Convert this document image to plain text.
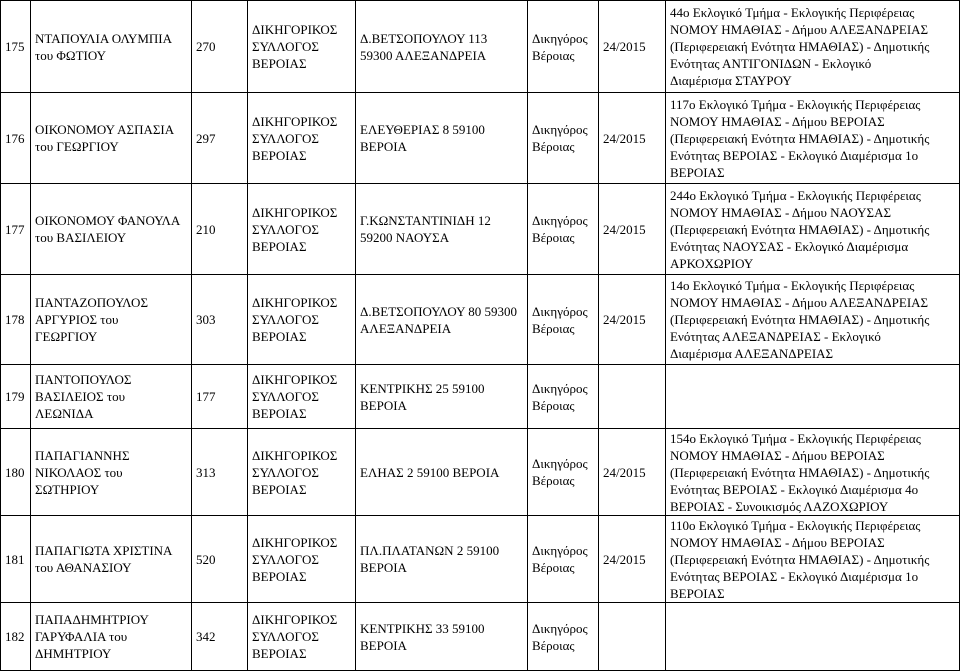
175	ΝΤΑΠΟΥΛΙΑ ΟΛΥΜΠΙΑ
του ΦΩΤΙΟΥ	270	ΔΙΚΗΓΟΡΙΚΟΣ
ΣΥΛΛΟΓΟΣ
ΒΕΡΟΙΑΣ	Δ.ΒΕΤΣΟΠΟΥΛΟΥ 113
59300 ΑΛΕΞΑΝΔΡΕΙΑ	Δικηγόρος
Βέροιας	24/2015	44ο Εκλογικό Τμήμα - Εκλογικής Περιφέρειας
ΝΟΜΟΥ ΗΜΑΘΙΑΣ - Δήμου ΑΛΕΞΑΝΔΡΕΙΑΣ
(Περιφερειακή Ενότητα ΗΜΑΘΙΑΣ) - Δημοτικής
Ενότητας ΑΝΤΙΓΟΝΙΔΩΝ - Εκλογικό
Διαμέρισμα ΣΤΑΥΡΟΥ

176	ΟΙΚΟΝΟΜΟΥ ΑΣΠΑΣΙΑ
του ΓΕΩΡΓΙΟΥ	297	ΔΙΚΗΓΟΡΙΚΟΣ
ΣΥΛΛΟΓΟΣ
ΒΕΡΟΙΑΣ	ΕΛΕΥΘΕΡΙΑΣ 8 59100
ΒΕΡΟΙΑ	Δικηγόρος
Βέροιας	24/2015	117ο Εκλογικό Τμήμα - Εκλογικής Περιφέρειας
ΝΟΜΟΥ ΗΜΑΘΙΑΣ - Δήμου ΒΕΡΟΙΑΣ
(Περιφερειακή Ενότητα ΗΜΑΘΙΑΣ) - Δημοτικής
Ενότητας ΒΕΡΟΙΑΣ - Εκλογικό Διαμέρισμα 1ο
ΒΕΡΟΙΑΣ

177	ΟΙΚΟΝΟΜΟΥ ΦΑΝΟΥΛΑ
του ΒΑΣΙΛΕΙΟΥ	210	ΔΙΚΗΓΟΡΙΚΟΣ
ΣΥΛΛΟΓΟΣ
ΒΕΡΟΙΑΣ	Γ.ΚΩΝΣΤΑΝΤΙΝΙΔΗ 12
59200 ΝΑΟΥΣΑ	Δικηγόρος
Βέροιας	24/2015	244ο Εκλογικό Τμήμα - Εκλογικής Περιφέρειας
ΝΟΜΟΥ ΗΜΑΘΙΑΣ - Δήμου ΝΑΟΥΣΑΣ
(Περιφερειακή Ενότητα ΗΜΑΘΙΑΣ) - Δημοτικής
Ενότητας ΝΑΟΥΣΑΣ - Εκλογικό Διαμέρισμα
ΑΡΚΟΧΩΡΙΟΥ

178	ΠΑΝΤΑΖΟΠΟΥΛΟΣ
ΑΡΓΥΡΙΟΣ του
ΓΕΩΡΓΙΟΥ	303	ΔΙΚΗΓΟΡΙΚΟΣ
ΣΥΛΛΟΓΟΣ
ΒΕΡΟΙΑΣ	Δ.ΒΕΤΣΟΠΟΥΛΟΥ 80 59300
ΑΛΕΞΑΝΔΡΕΙΑ	Δικηγόρος
Βέροιας	24/2015	14ο Εκλογικό Τμήμα - Εκλογικής Περιφέρειας
ΝΟΜΟΥ ΗΜΑΘΙΑΣ - Δήμου ΑΛΕΞΑΝΔΡΕΙΑΣ
(Περιφερειακή Ενότητα ΗΜΑΘΙΑΣ) - Δημοτικής
Ενότητας ΑΛΕΞΑΝΔΡΕΙΑΣ - Εκλογικό
Διαμέρισμα ΑΛΕΞΑΝΔΡΕΙΑΣ

179	ΠΑΝΤΟΠΟΥΛΟΣ
ΒΑΣΙΛΕΙΟΣ του
ΛΕΩΝΙΔΑ	177	ΔΙΚΗΓΟΡΙΚΟΣ
ΣΥΛΛΟΓΟΣ
ΒΕΡΟΙΑΣ	ΚΕΝΤΡΙΚΗΣ 25 59100
ΒΕΡΟΙΑ	Δικηγόρος
Βέροιας		

180	ΠΑΠΑΓΙΑΝΝΗΣ
ΝΙΚΟΛΑΟΣ του
ΣΩΤΗΡΙΟΥ	313	ΔΙΚΗΓΟΡΙΚΟΣ
ΣΥΛΛΟΓΟΣ
ΒΕΡΟΙΑΣ	ΕΛΗΑΣ 2 59100 ΒΕΡΟΙΑ	Δικηγόρος
Βέροιας	24/2015	154ο Εκλογικό Τμήμα - Εκλογικής Περιφέρειας
ΝΟΜΟΥ ΗΜΑΘΙΑΣ - Δήμου ΒΕΡΟΙΑΣ
(Περιφερειακή Ενότητα ΗΜΑΘΙΑΣ) - Δημοτικής
Ενότητας ΒΕΡΟΙΑΣ - Εκλογικό Διαμέρισμα 4ο
ΒΕΡΟΙΑΣ - Συνοικισμός ΛΑΖΟΧΩΡΙΟΥ

181	ΠΑΠΑΓΙΩΤΑ ΧΡΙΣΤΙΝΑ
του ΑΘΑΝΑΣΙΟΥ	520	ΔΙΚΗΓΟΡΙΚΟΣ
ΣΥΛΛΟΓΟΣ
ΒΕΡΟΙΑΣ	ΠΛ.ΠΛΑΤΑΝΩΝ 2 59100
ΒΕΡΟΙΑ	Δικηγόρος
Βέροιας	24/2015	110ο Εκλογικό Τμήμα - Εκλογικής Περιφέρειας
ΝΟΜΟΥ ΗΜΑΘΙΑΣ - Δήμου ΒΕΡΟΙΑΣ
(Περιφερειακή Ενότητα ΗΜΑΘΙΑΣ) - Δημοτικής
Ενότητας ΒΕΡΟΙΑΣ - Εκλογικό Διαμέρισμα 1ο
ΒΕΡΟΙΑΣ

182	ΠΑΠΑΔΗΜΗΤΡΙΟΥ
ΓΑΡΥΦΑΛΙΑ του
ΔΗΜΗΤΡΙΟΥ	342	ΔΙΚΗΓΟΡΙΚΟΣ
ΣΥΛΛΟΓΟΣ
ΒΕΡΟΙΑΣ	ΚΕΝΤΡΙΚΗΣ 33 59100
ΒΕΡΟΙΑ	Δικηγόρος
Βέροιας		
